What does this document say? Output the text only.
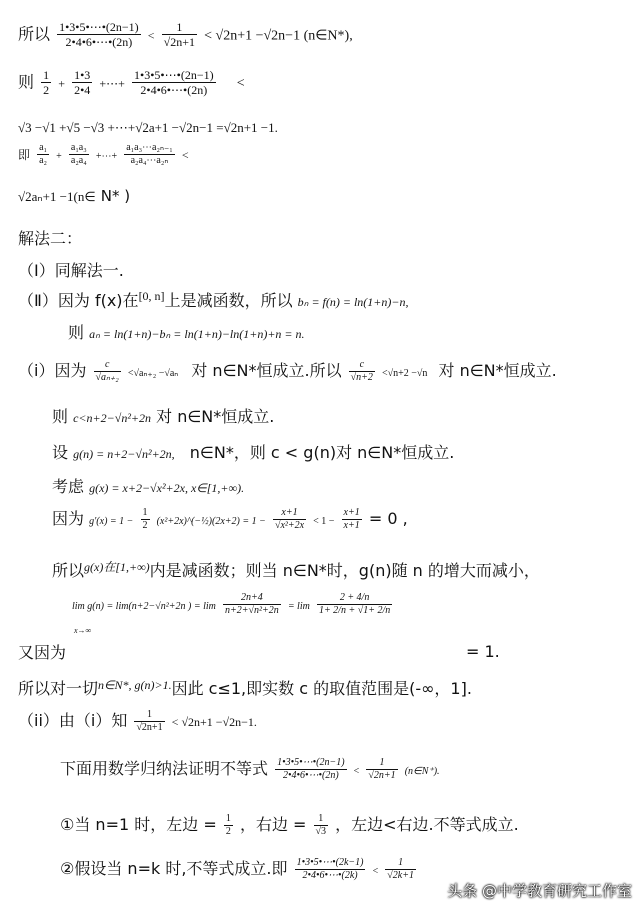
所以 $\frac{1•3•5•\cdots•(2n-1)}{2•4•6•\cdots•(2n)} < 1$
√ 2n+1 < √2n+1 −√2n−1 (n∈N*),
则 $\frac{1}{2} + \frac{1•3}{2•4}$ +⋯+ $\frac{1•3•5•\cdots•(2n-1)}{2•4•6•\cdots•(2n)}$ <
√3 −√1 +√5 −√3 +⋯+√2a+1 −√2n−1 =√2n+1 −1.
即 $\frac{\text{a₁}}{\text{a₂}} + \frac{\text{a₁a₃}}{\text{a₂a₄}}$ +⋯+ $\frac{\text{a₁a₃⋯a₂ₙ₋₁}}{\text{a₂a₄⋯a₂ₙ}}$ <
√2aₙ+1 −1(n∈ N* )
解法二：
（Ⅰ）同解法一.
（Ⅱ）因为 f(x)在[0, n]上是减函数，所以 bₙ = f(n) = ln(1+n)−n,
则 aₙ = ln(1+n)−bₙ = ln(1+n)−ln(1+n)+n = n.
（i）因为 $\frac{c}{\text{√aₙ₊₂}} <√a_{n+2} -√a_n$ 对 n∈N*恒成立.所以 $\frac{c}{√n+2} <√n+2 -√n$ 对 n∈N*恒成立.
则 c<n+2−√n²+2n 对 n∈N*恒成立.
设 g(n) = n+2−√n²+2n, n∈N*，则 c < g(n)对 n∈N*恒成立.
考虑 g(x) = x+2−√x²+2x, x∈[1,+∞).
因为 $g'(x) = 1 - \frac{1}{2}$ (x²+2x)^(−½)(2x+2) = $1 - \frac{x+1}{\text{√x²+2x}} < 1 - \frac{x+1}{x+1} = 0$ ,
所以$^{g(x)在[1,+\infty)}$内是减函数；则当 n∈N*时，g(n)随 n 的增大而减小，
lim g(n) = lim(n+2−√n²+2n ) = $\lim \frac{2n+4}{\text{n+2+√n²+2n}} = \lim \frac{2 + 4/n}{1+ 2/n + √1+ 2/n}$
x→∞
= 1.
又因为
所以对一切$^{n\in N*, g(n)>1.}$因此 c≤1,即实数 c 的取值范围是(-∞，1].
（ii）由（i）知 $\frac{1}{√2n+1} < √2n+1 -√2n-1$.
下面用数学归纳法证明不等式 $\frac{1•3•5•\cdots•(2n-1)}{2•4•6•\cdots•(2n)} < \frac{1}{√2n+1}$ (n∈N⁺).
①当 n=1 时，左边 = $\frac{1}{2}$ ，右边 = $\frac{1}{√3}$ ，左边<右边.不等式成立.
②假设当 n=k 时,不等式成立.即 $\frac{1•3•5•\cdots•(2k-1)}{2•4•6•\cdots•(2k)} < \frac{1}{√2k+1}$
头条 @中学教育研究工作室
